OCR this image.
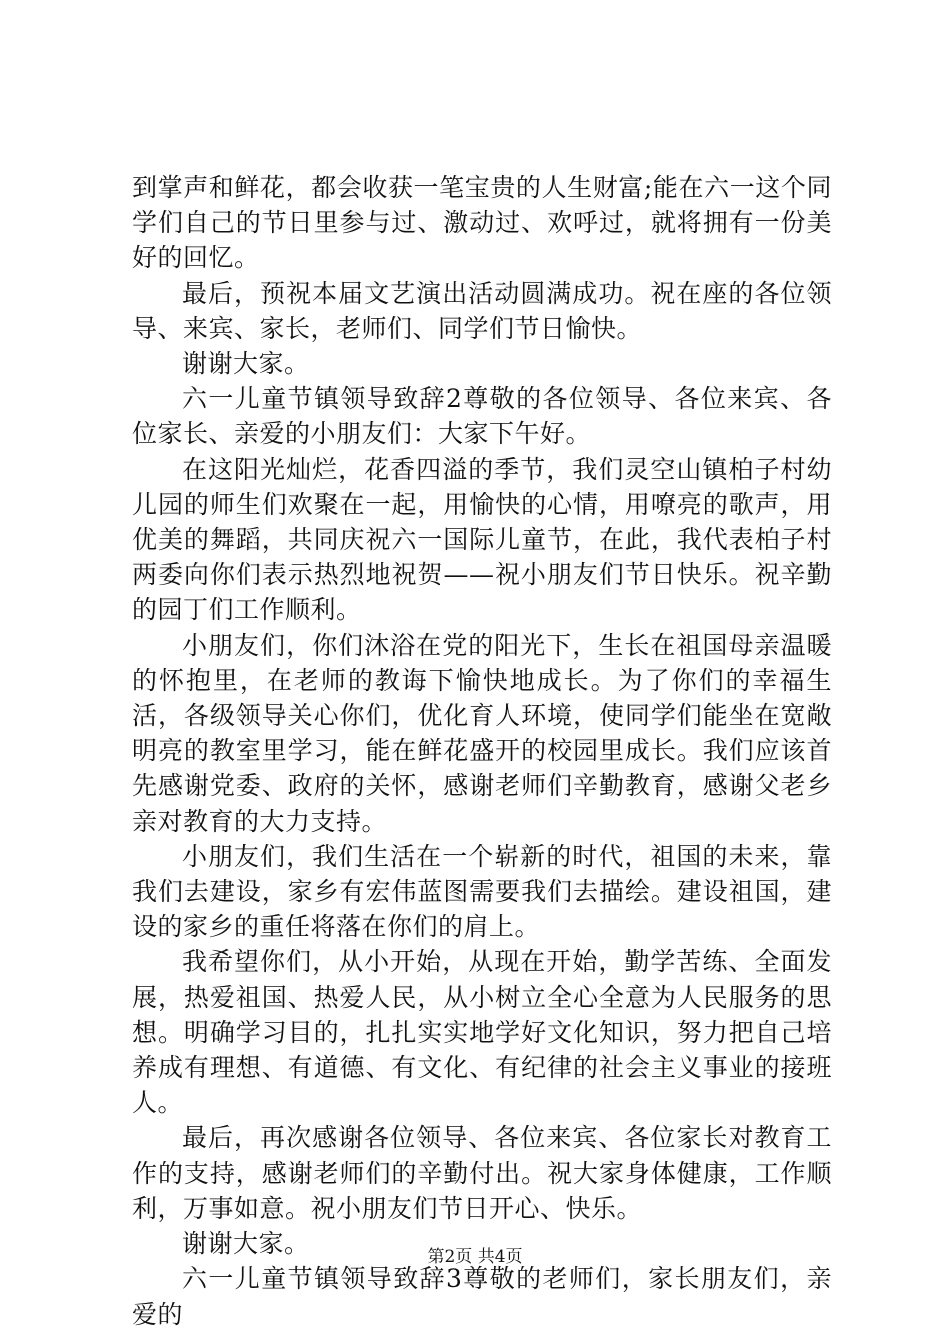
到掌声和鲜花，都会收获一笔宝贵的人生财富;能在六一这个同学们自己的节日里参与过、激动过、欢呼过，就将拥有一份美好的回忆。

最后，预祝本届文艺演出活动圆满成功。祝在座的各位领导、来宾、家长，老师们、同学们节日愉快。

谢谢大家。

六一儿童节镇领导致辞2尊敬的各位领导、各位来宾、各位家长、亲爱的小朋友们：大家下午好。

在这阳光灿烂，花香四溢的季节，我们灵空山镇柏子村幼儿园的师生们欢聚在一起，用愉快的心情，用嘹亮的歌声，用优美的舞蹈，共同庆祝六一国际儿童节，在此，我代表柏子村两委向你们表示热烈地祝贺——祝小朋友们节日快乐。祝辛勤的园丁们工作顺利。

小朋友们，你们沐浴在党的阳光下，生长在祖国母亲温暖的怀抱里，在老师的教诲下愉快地成长。为了你们的幸福生活，各级领导关心你们，优化育人环境，使同学们能坐在宽敞明亮的教室里学习，能在鲜花盛开的校园里成长。我们应该首先感谢党委、政府的关怀，感谢老师们辛勤教育，感谢父老乡亲对教育的大力支持。

小朋友们，我们生活在一个崭新的时代，祖国的未来，靠我们去建设，家乡有宏伟蓝图需要我们去描绘。建设祖国，建设的家乡的重任将落在你们的肩上。

我希望你们，从小开始，从现在开始，勤学苦练、全面发展，热爱祖国、热爱人民，从小树立全心全意为人民服务的思想。明确学习目的，扎扎实实地学好文化知识，努力把自己培养成有理想、有道德、有文化、有纪律的社会主义事业的接班人。

最后，再次感谢各位领导、各位来宾、各位家长对教育工作的支持，感谢老师们的辛勤付出。祝大家身体健康，工作顺利，万事如意。祝小朋友们节日开心、快乐。

谢谢大家。

六一儿童节镇领导致辞3尊敬的老师们，家长朋友们，亲爱的

第2页 共4页
